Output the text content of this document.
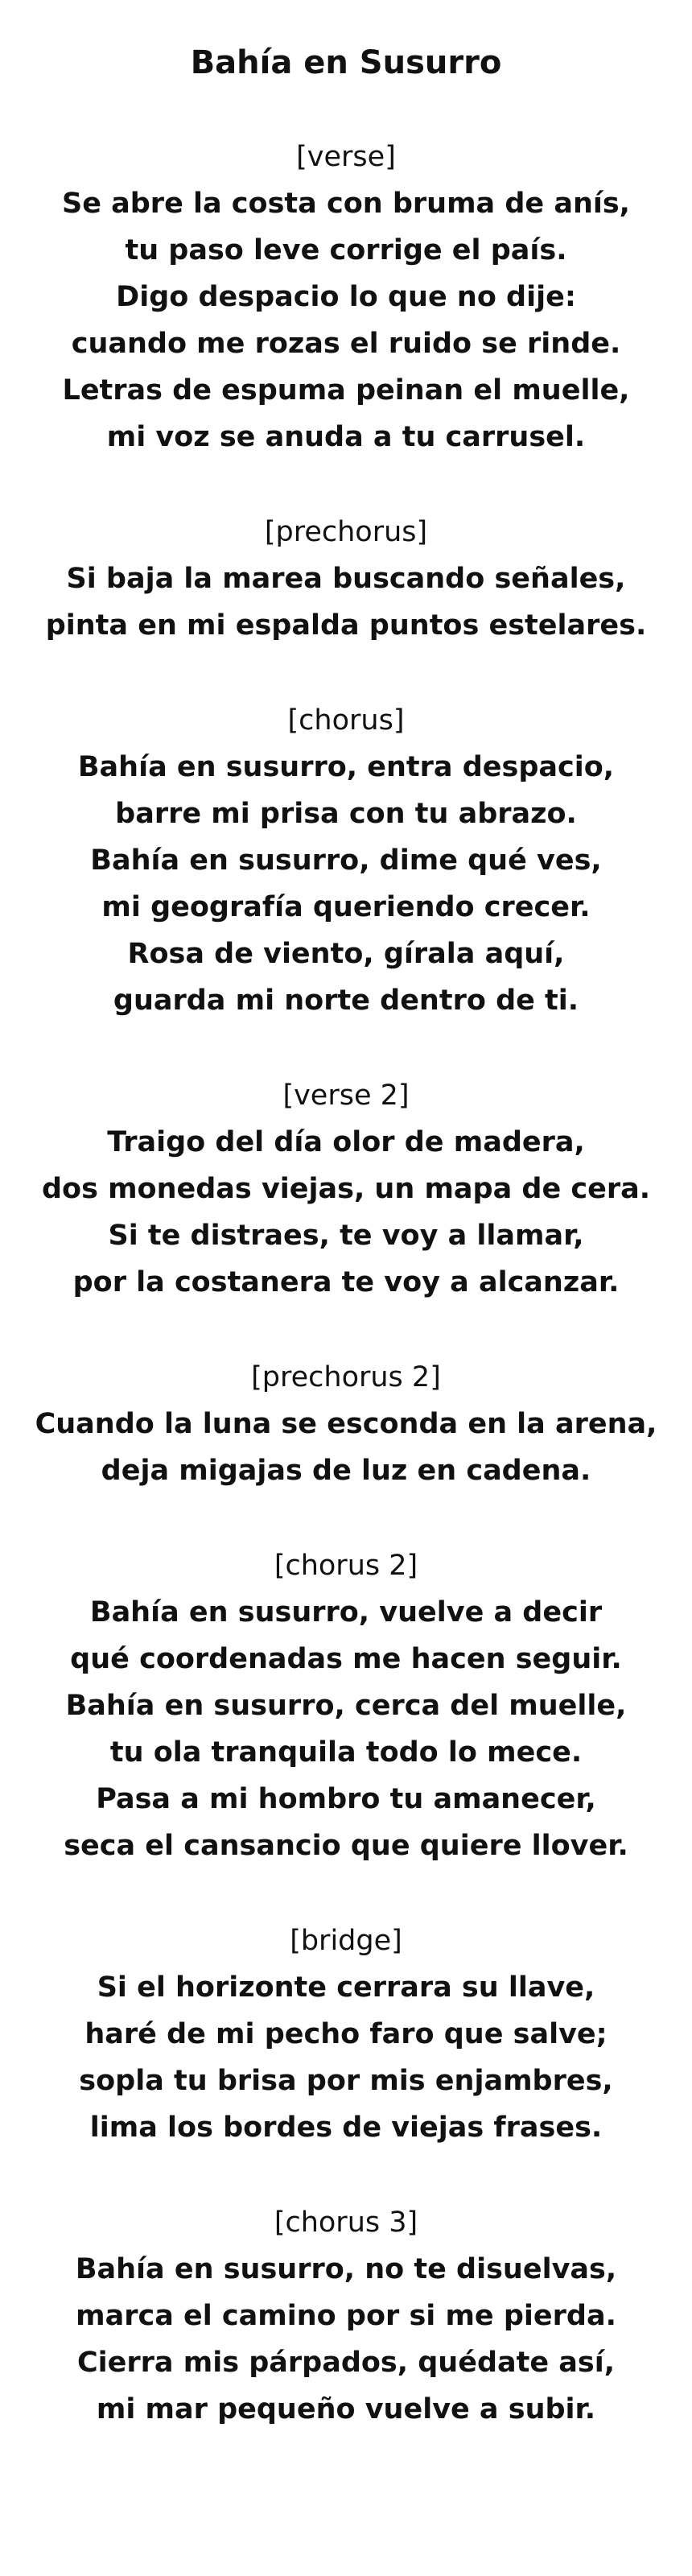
Bahía en Susurro

[verse]

Se abre la costa con bruma de anís,

tu paso leve corrige el país.

Digo despacio lo que no dije:

cuando me rozas el ruido se rinde.

Letras de espuma peinan el muelle,

mi voz se anuda a tu carrusel.

[prechorus]

Si baja la marea buscando señales,

pinta en mi espalda puntos estelares.

[chorus]

Bahía en susurro, entra despacio,

barre mi prisa con tu abrazo.

Bahía en susurro, dime qué ves,

mi geografía queriendo crecer.

Rosa de viento, gírala aquí,

guarda mi norte dentro de ti.

[verse 2]

Traigo del día olor de madera,

dos monedas viejas, un mapa de cera.

Si te distraes, te voy a llamar,

por la costanera te voy a alcanzar.

[prechorus 2]

Cuando la luna se esconda en la arena,

deja migajas de luz en cadena.

[chorus 2]

Bahía en susurro, vuelve a decir

qué coordenadas me hacen seguir.

Bahía en susurro, cerca del muelle,

tu ola tranquila todo lo mece.

Pasa a mi hombro tu amanecer,

seca el cansancio que quiere llover.

[bridge]

Si el horizonte cerrara su llave,

haré de mi pecho faro que salve;

sopla tu brisa por mis enjambres,

lima los bordes de viejas frases.

[chorus 3]

Bahía en susurro, no te disuelvas,

marca el camino por si me pierda.

Cierra mis párpados, quédate así,

mi mar pequeño vuelve a subir.
